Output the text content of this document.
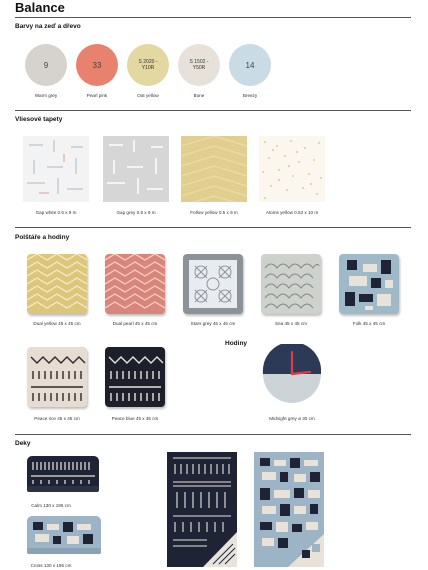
Balance
Barvy na zeď a dřevo
9	33	S 2020 -Y10R
S 1502 -Y50R	14
Warm grey	Pearl pink	Oat yellow	Bone	Breezy
Vliesové tapety
Gap white 0.5 x 9 m	Gap grey 0.5 x 9 m	Follow yellow 0.5 x 9 m	Atoms yellow 0.53 x 10 m
Polštáře a hodiny
Dual yellow 45 x 45 cm	Dual pearl 45 x 45 cm	Stars grey 45 x 45 cm	Sea 45 x 45 cm	Folk 45 x 45 cm
Peace rice 45 x 45 cm	Peace blue 45 x 45 cm
Hodiny
Midnight grey ø 30 cm
Deky
Calm 130 x 195 cm
Cross 130 x 195 cm
